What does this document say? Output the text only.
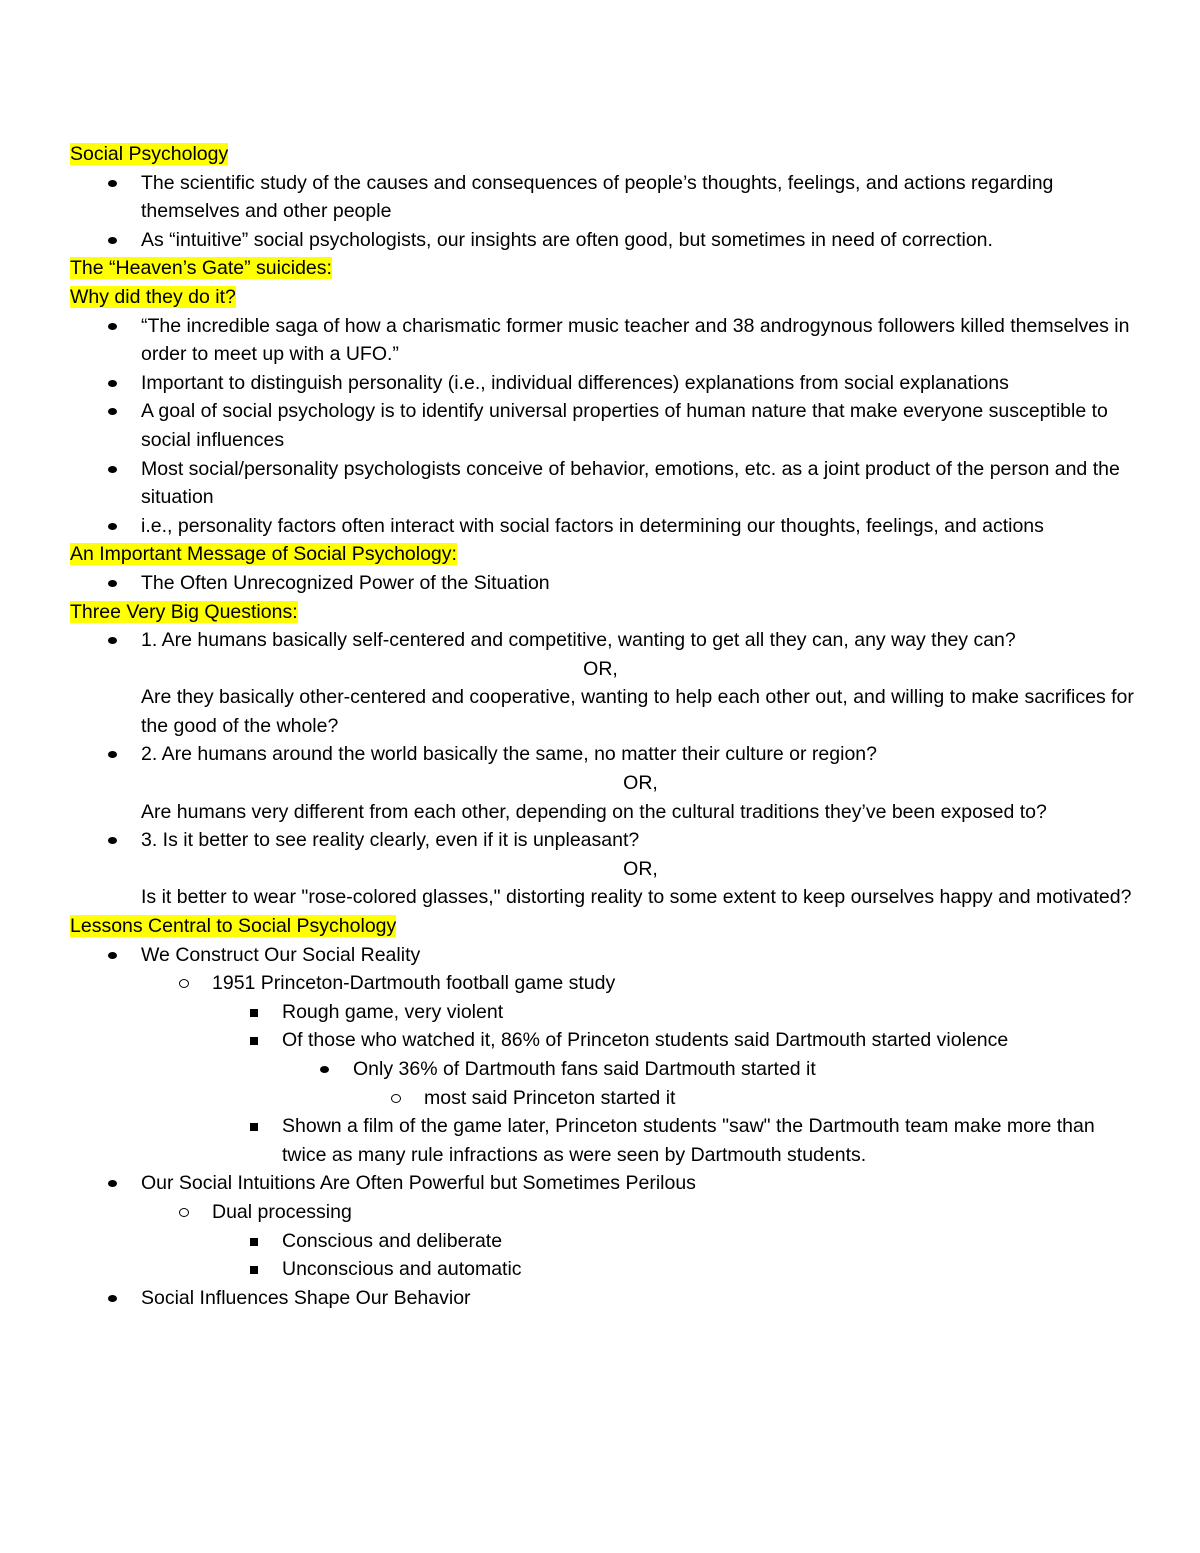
Social Psychology
The scientific study of the causes and consequences of people’s thoughts, feelings, and actions regarding themselves and other people
As “intuitive” social psychologists, our insights are often good, but sometimes in need of correction.
The “Heaven’s Gate” suicides:
Why did they do it?
“The incredible saga of how a charismatic former music teacher and 38 androgynous followers killed themselves in order to meet up with a UFO.”
Important to distinguish personality (i.e., individual differences) explanations from social explanations
A goal of social psychology is to identify universal properties of human nature that make everyone susceptible to social influences
Most social/personality psychologists conceive of behavior, emotions, etc. as a joint product of the person and the situation
i.e., personality factors often interact with social factors in determining our thoughts, feelings, and actions
An Important Message of Social Psychology:
The Often Unrecognized Power of the Situation
Three Very Big Questions:
1. Are humans basically self-centered and competitive, wanting to get all they can, any way they can?
OR,
Are they basically other-centered and cooperative, wanting to help each other out, and willing to make sacrifices for the good of the whole?
2. Are humans around the world basically the same, no matter their culture or region?
OR,
Are humans very different from each other, depending on the cultural traditions they’ve been exposed to?
3. Is it better to see reality clearly, even if it is unpleasant?
OR,
Is it better to wear "rose-colored glasses," distorting reality to some extent to keep ourselves happy and motivated?
Lessons Central to Social Psychology
We Construct Our Social Reality
1951 Princeton-Dartmouth football game study
Rough game, very violent
Of those who watched it, 86% of Princeton students said Dartmouth started violence
Only 36% of Dartmouth fans said Dartmouth started it
most said Princeton started it
Shown a film of the game later, Princeton students "saw" the Dartmouth team make more than twice as many rule infractions as were seen by Dartmouth students.
Our Social Intuitions Are Often Powerful but Sometimes Perilous
Dual processing
Conscious and deliberate
Unconscious and automatic
Social Influences Shape Our Behavior
